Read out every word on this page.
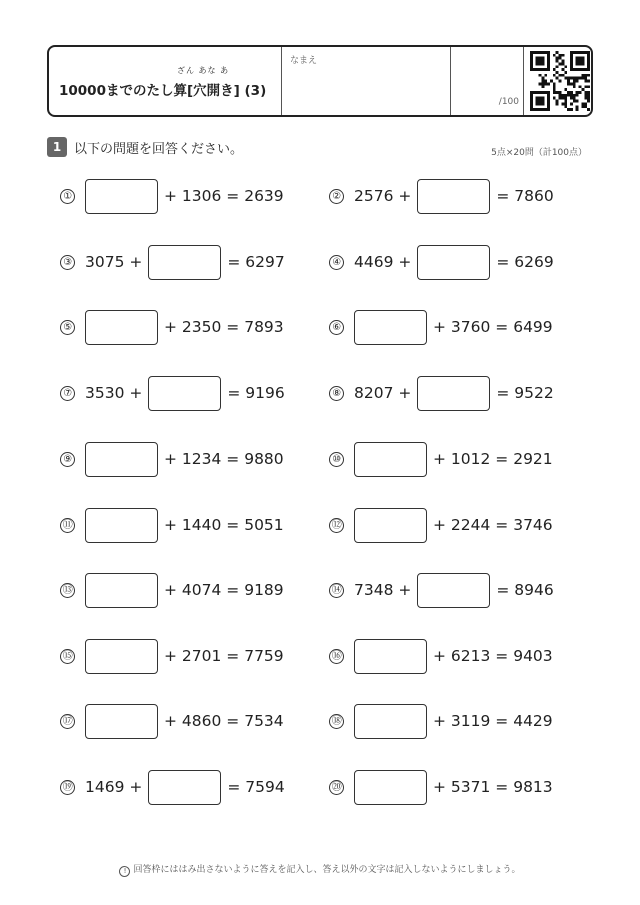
ざん あな あ
10000までのたし算[穴開き] (3)
なまえ
/100
1 以下の問題を回答ください。	5点×20問（計100点）
①	+ 1306 = 2639	② 2576 +	= 7860
③ 3075 +	= 6297	④ 4469 +	= 6269
⑤	+ 2350 = 7893	⑥	+ 3760 = 6499
⑦ 3530 +	= 9196	⑧ 8207 +	= 9522
⑨	+ 1234 = 9880	⑩	+ 1012 = 2921
⑪	+ 1440 = 5051	⑫	+ 2244 = 3746
⑬	+ 4074 = 9189	⑭ 7348 +	= 8946
⑮	+ 2701 = 7759	⑯	+ 6213 = 9403
⑰	+ 4860 = 7534	⑱	+ 3119 = 4429
⑲ 1469 +	= 7594	⑳	+ 5371 = 9813
! 回答枠にははみ出さないように答えを記入し、答え以外の文字は記入しないようにしましょう。
